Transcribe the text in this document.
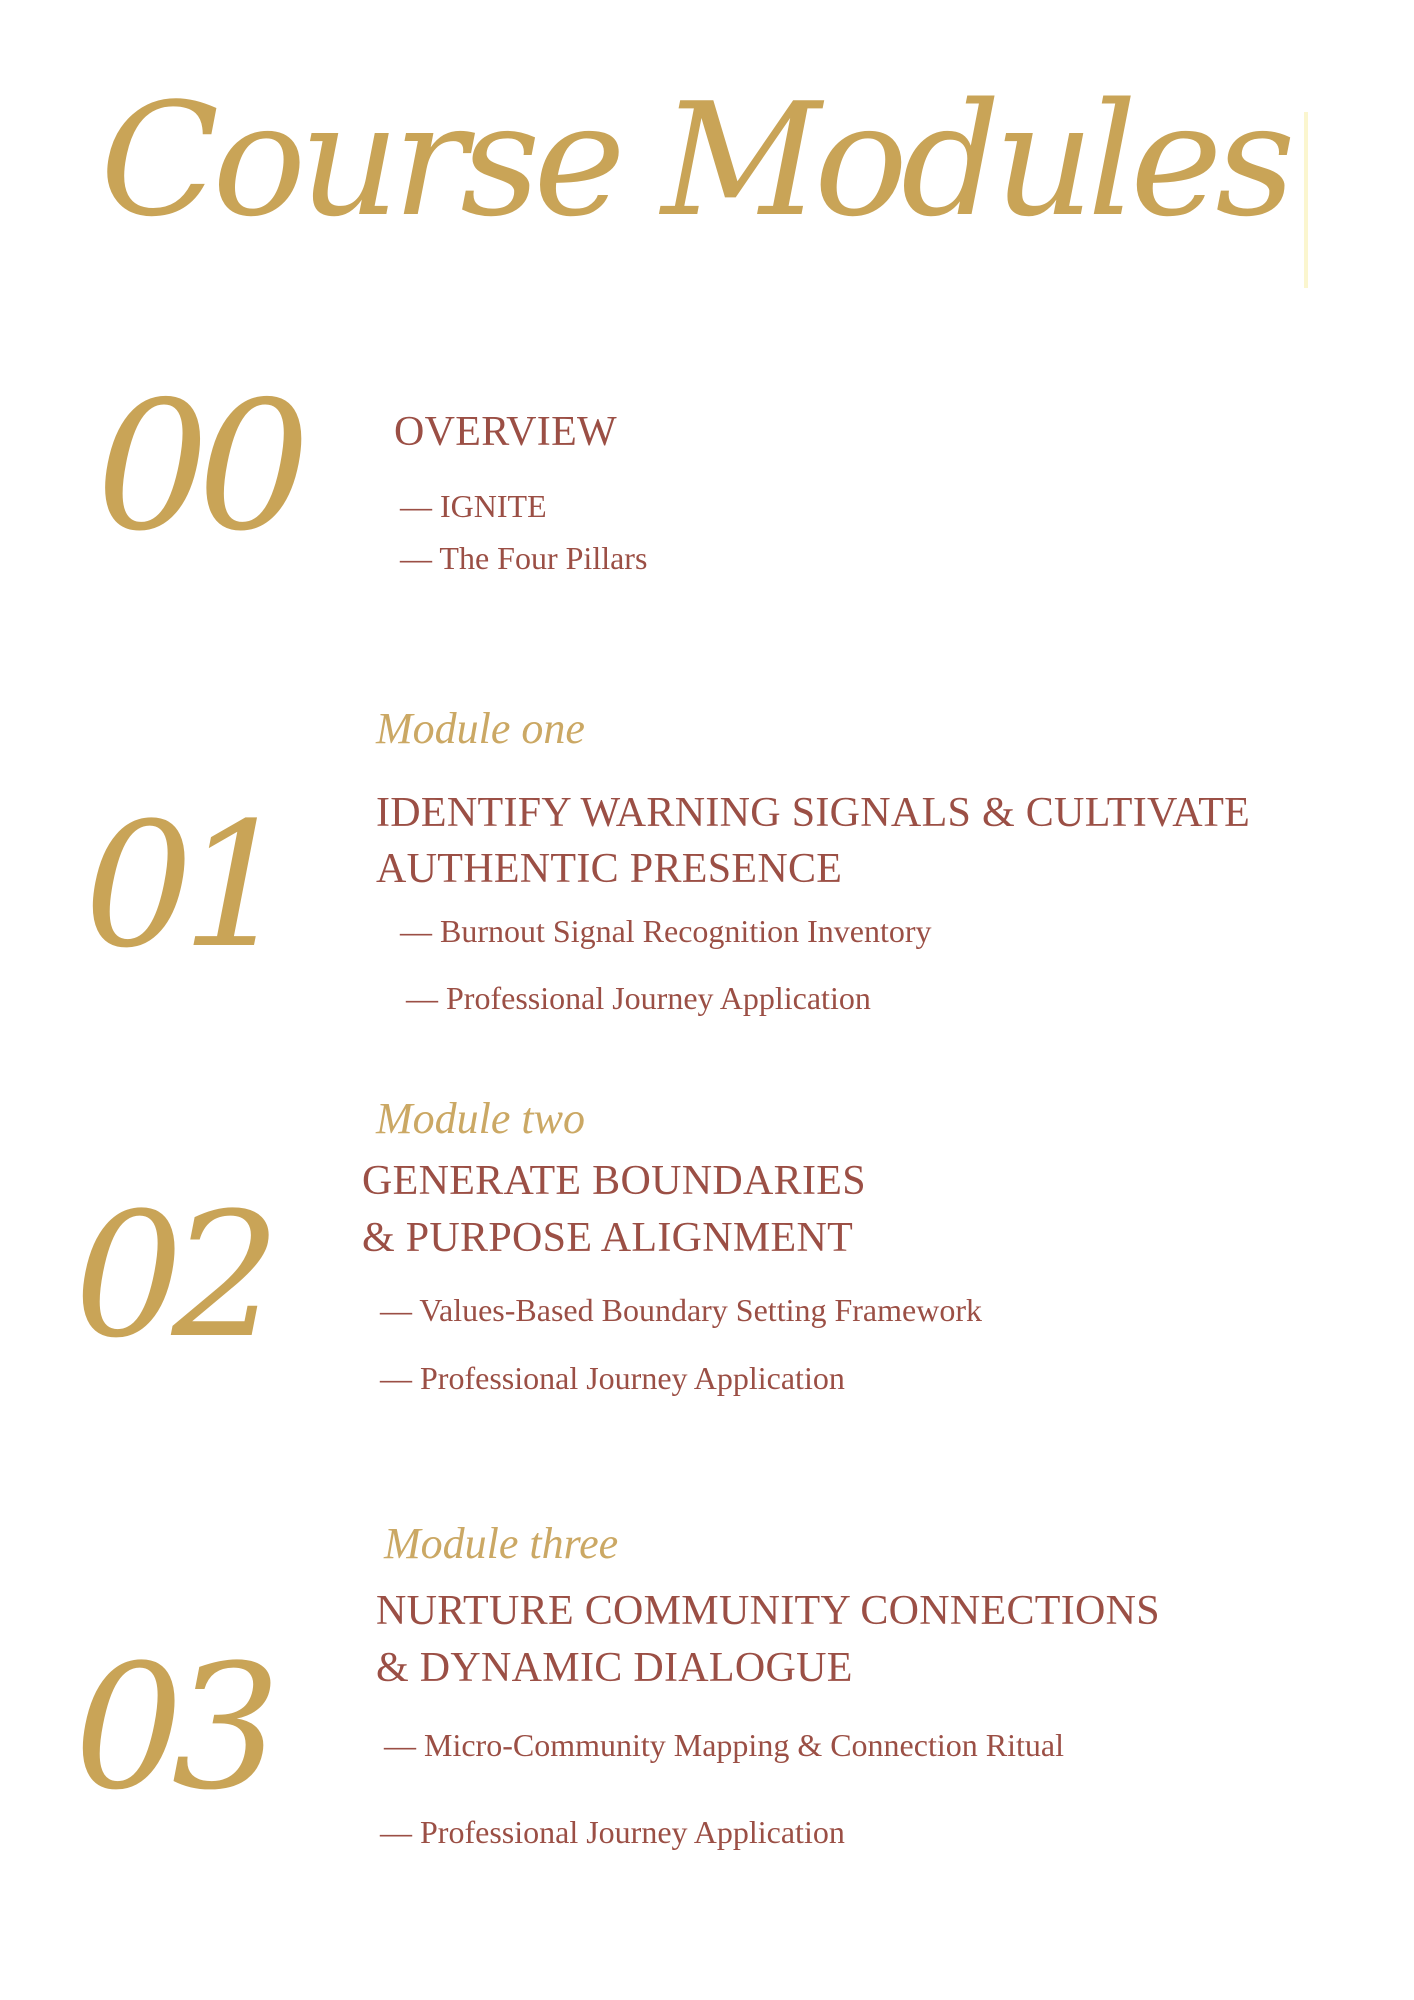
Course Modules
00 OVERVIEW
— IGNITE
— The Four Pillars
Module one
01 IDENTIFY WARNING SIGNALS & CULTIVATE
AUTHENTIC PRESENCE
— Burnout Signal Recognition Inventory
— Professional Journey Application
Module two
02 GENERATE BOUNDARIES
& PURPOSE ALIGNMENT
— Values-Based Boundary Setting Framework
— Professional Journey Application
Module three
03
NURTURE COMMUNITY CONNECTIONS
& DYNAMIC DIALOGUE
— Micro-Community Mapping & Connection Ritual
— Professional Journey Application
